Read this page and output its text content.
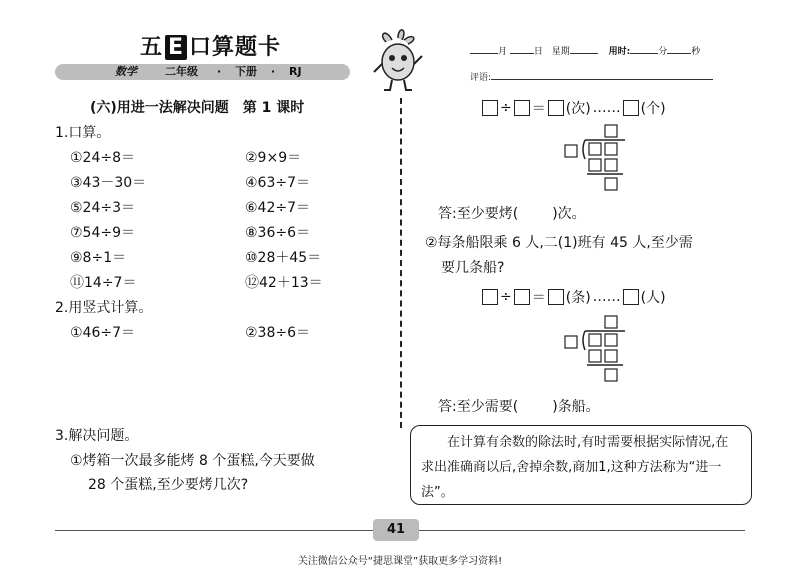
五 E 口算题卡
数学	二年级 · 下册 · RJ
月	日 星期	用时:	分	秒
评语:
(六)用进一法解决问题　第 1 课时
1.口算。
①24÷8＝	②9×9＝
③43－30＝	④63÷7＝
⑤24÷3＝	⑥42÷7＝
⑦54÷9＝	⑧36÷6＝
⑨8÷1＝	⑩28＋45＝
⑪14÷7＝	⑫42＋13＝
2.用竖式计算。
①46÷7＝	②38÷6＝
3.解决问题。
①烤箱一次最多能烤 8 个蛋糕,今天要做
28 个蛋糕,至少要烤几次?
÷ ＝ (次) …… (个)
答:至少要烤( )次。
②每条船限乘 6 人,二(1)班有 45 人,至少需
要几条船?
÷ ＝ (条) …… (人)
答:至少需要( )条船。
在计算有余数的除法时,有时需要根据实际情况,在求出准确商以后,舍掉余数,商加1,这种方法称为“进一法”。
41
关注微信公众号“捷思课堂”获取更多学习资料!
